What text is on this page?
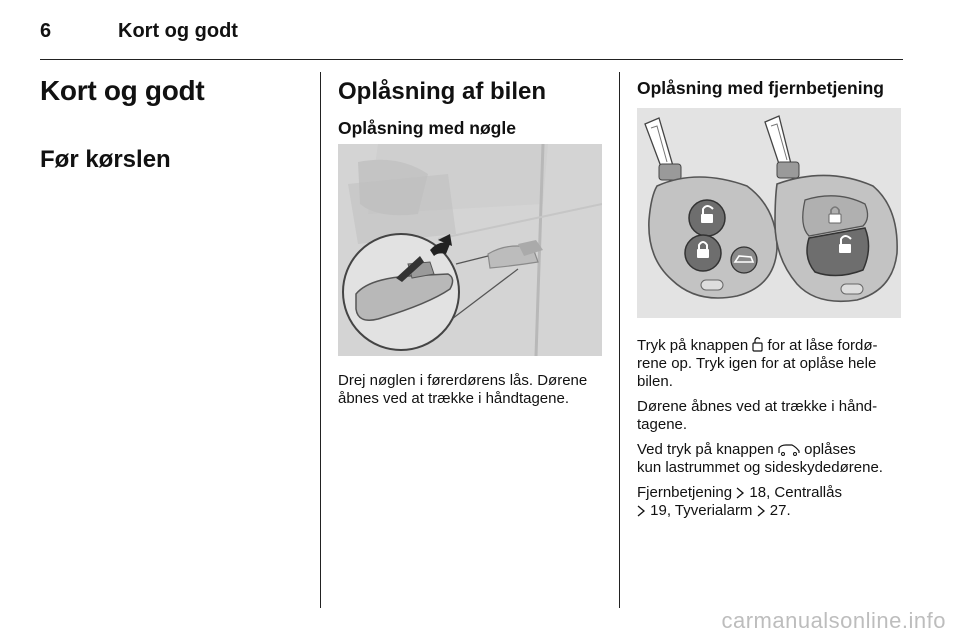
6	Kort og godt
Kort og godt
Før kørslen
Oplåsning af bilen
Oplåsning med nøgle

Drej nøglen i førerdørens lås. Dørene
åbnes ved at trække i håndtagene.

Oplåsning med fjernbetjening

Tryk på knappen  for at låse fordø-
rene op. Tryk igen for at oplåse hele
bilen.

Dørene åbnes ved at trække i hånd-
tagene.

Ved tryk på knappen  oplåses
kun lastrummet og sideskydedørene.

Fjernbetjening  18, Centrallås
19, Tyverialarm  27.

carmanualsonline.info
